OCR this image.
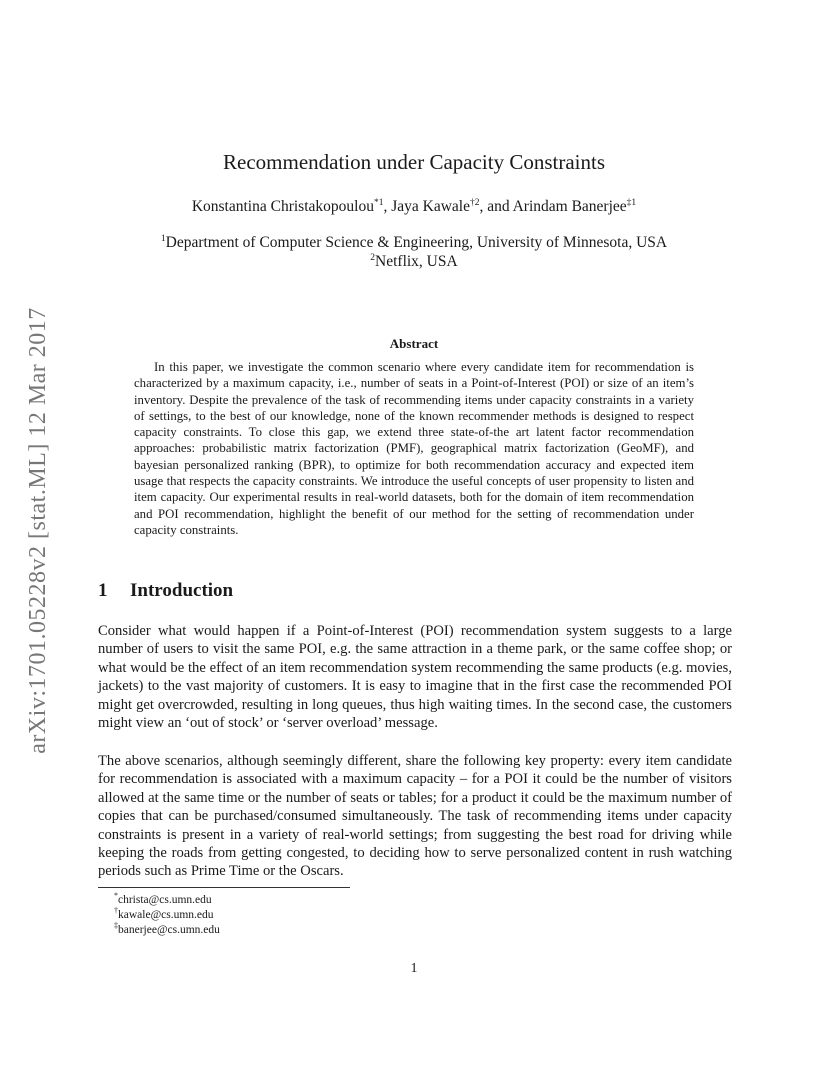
arXiv:1701.05228v2 [stat.ML] 12 Mar 2017
Recommendation under Capacity Constraints
Konstantina Christakopoulou$^{*1}$, Jaya Kawale$^{\dagger 2}$, and Arindam Banerjee$^{\ddagger 1}$
$^1$Department of Computer Science & Engineering, University of Minnesota, USA
$^2$Netflix, USA
Abstract
In this paper, we investigate the common scenario where every candidate item for recommendation is characterized by a maximum capacity, i.e., number of seats in a Point-of-Interest (POI) or size of an item’s inventory. Despite the prevalence of the task of recommending items under capacity constraints in a variety of settings, to the best of our knowledge, none of the known recommender methods is designed to respect capacity constraints. To close this gap, we extend three state-of-the art latent factor recommendation approaches: probabilistic matrix factorization (PMF), geographical matrix factorization (GeoMF), and bayesian personalized ranking (BPR), to optimize for both recommendation accuracy and expected item usage that respects the capacity constraints. We introduce the useful concepts of user propensity to listen and item capacity. Our experimental results in real-world datasets, both for the domain of item recommendation and POI recommendation, highlight the benefit of our method for the setting of recommendation under capacity constraints.
1 Introduction
Consider what would happen if a Point-of-Interest (POI) recommendation system suggests to a large number of users to visit the same POI, e.g. the same attraction in a theme park, or the same coffee shop; or what would be the effect of an item recommendation system recommending the same products (e.g. movies, jackets) to the vast majority of customers. It is easy to imagine that in the first case the recommended POI might get overcrowded, resulting in long queues, thus high waiting times. In the second case, the customers might view an ‘out of stock’ or ‘server overload’ message.
The above scenarios, although seemingly different, share the following key property: every item candidate for recommendation is associated with a maximum capacity – for a POI it could be the number of visitors allowed at the same time or the number of seats or tables; for a product it could be the maximum number of copies that can be purchased/consumed simultaneously. The task of recommending items under capacity constraints is present in a variety of real-world settings; from suggesting the best road for driving while keeping the roads from getting congested, to deciding how to serve personalized content in rush watching periods such as Prime Time or the Oscars.
*christa@cs.umn.edu
†kawale@cs.umn.edu
‡banerjee@cs.umn.edu
1
